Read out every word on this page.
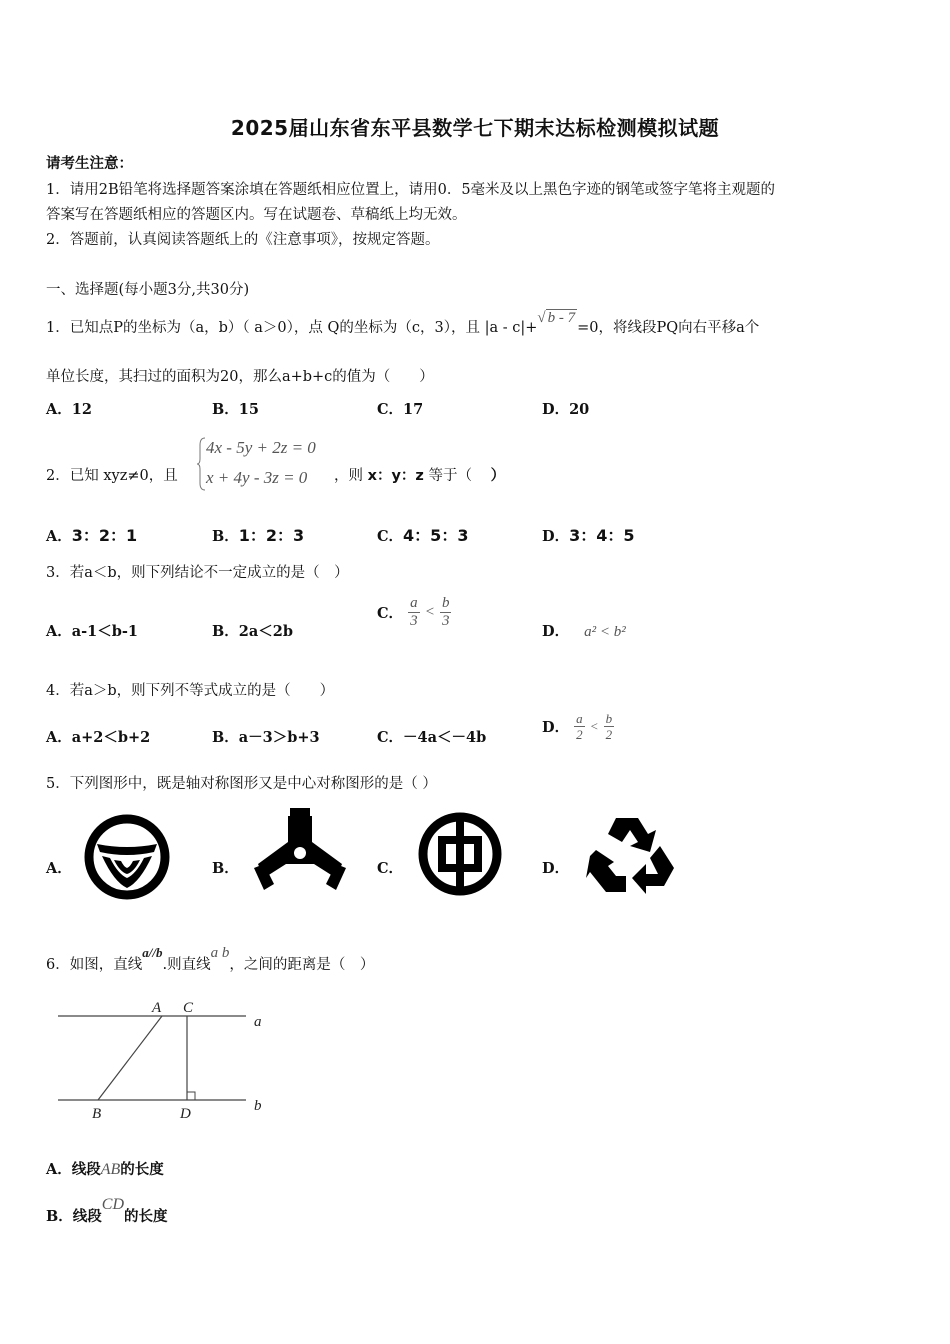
2025届山东省东平县数学七下期末达标检测模拟试题
请考生注意：
1．请用2B铅笔将选择题答案涂填在答题纸相应位置上，请用0．5毫米及以上黑色字迹的钢笔或签字笔将主观题的
答案写在答题纸相应的答题区内。写在试题卷、草稿纸上均无效。
2．答题前，认真阅读答题纸上的《注意事项》，按规定答题。
一、选择题(每小题3分,共30分)
1．已知点P的坐标为（a，b）（ a＞0），点 Q的坐标为（c，3），且 |a - c|+√ b - 7=0，将线段PQ向右平移a个
单位长度，其扫过的面积为20，那么a+b+c的值为（　　）
A．12	B．15	C．17	D．20
2．已知 xyz≠0，且
4x - 5y + 2z = 0
x + 4y - 3z = 0 ，则 x：y：z 等于（ ）
A．3：2：1	B．1：2：3	C．4：5：3	D．3：4：5
3．若a＜b，则下列结论不一定成立的是（　）
A．a-1＜b-1	B．2a＜2b
C． $\frac{a}{3} < \frac{b}{3}$
D． a² < b²
4．若a＞b，则下列不等式成立的是（　　）
A．a+2＜b+2	B．a－3＞b+3	C．－4a＜－4b
D． $\frac{a}{2} < \frac{b}{2}$
5．下列图形中，既是轴对称图形又是中心对称图形的是（ ）
A．	B．	C．	D．
6．如图，直线a//b.则直线a b，之间的距离是（　）
A C
a
B	D	b
A．线段AB的长度
B．线段CD的长度
